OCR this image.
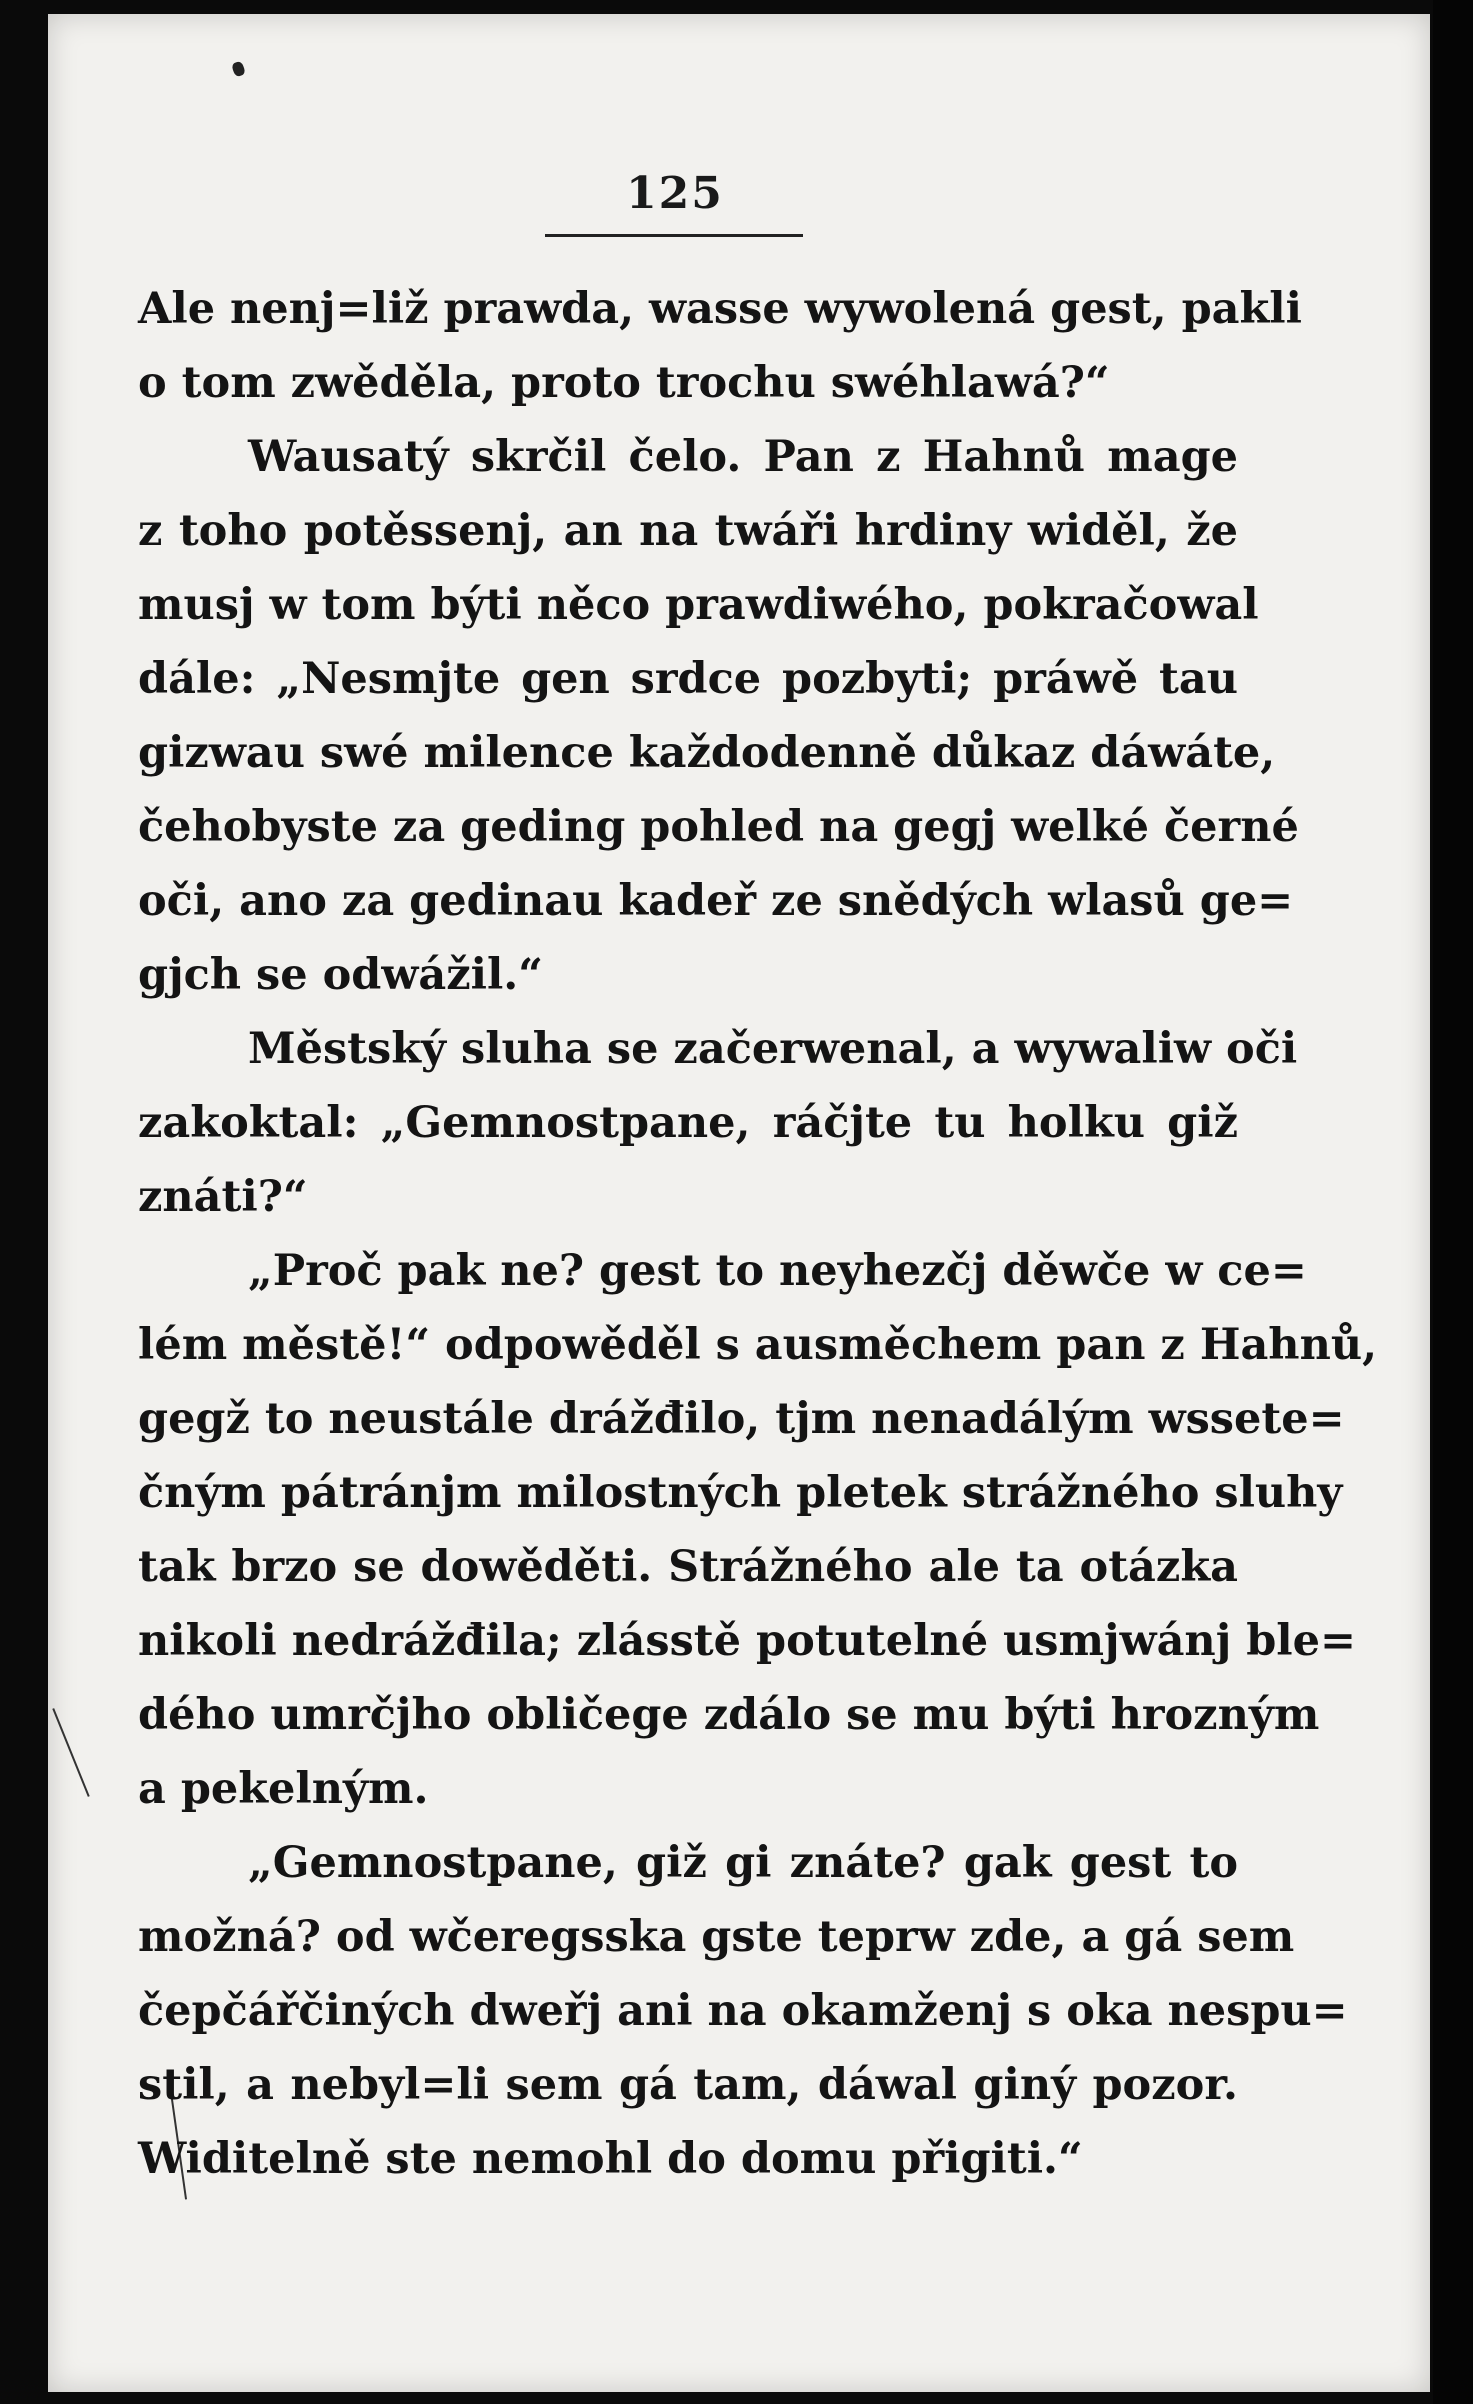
125
Ale nenj=liž prawda, wasse wywolená gest, pakli
o tom zwěděla, proto trochu swéhlawá?“
Wausatý skrčil čelo. Pan z Hahnů mage
z toho potěssenj, an na twáři hrdiny widěl, že
musj w tom býti něco prawdiwého, pokračowal
dále: „Nesmjte gen srdce pozbyti; práwě tau
gizwau swé milence každodenně důkaz dáwáte,
čehobyste za geding pohled na gegj welké černé
oči, ano za gedinau kadeř ze snědých wlasů ge=
gjch se odwážil.“
Městský sluha se začerwenal, a wywaliw oči
zakoktal: „Gemnostpane, ráčjte tu holku giž
znáti?“
„Proč pak ne? gest to neyhezčj děwče w ce=
lém městě!“ odpowěděl s ausměchem pan z Hahnů,
gegž to neustále drážđilo, tjm nenadálým wssete=
čným pátránjm milostných pletek strážného sluhy
tak brzo se dowěděti. Strážného ale ta otázka
nikoli nedrážđila; zlásstě potutelné usmjwánj ble=
dého umrčjho obličege zdálo se mu býti hrozným
a pekelným.
„Gemnostpane, giž gi znáte? gak gest to
možná? od wčeregsska gste teprw zde, a gá sem
čepčářčiných dweřj ani na okamženj s oka nespu=
stil, a nebyl=li sem gá tam, dáwal giný pozor.
Widitelně ste nemohl do domu přigiti.“
